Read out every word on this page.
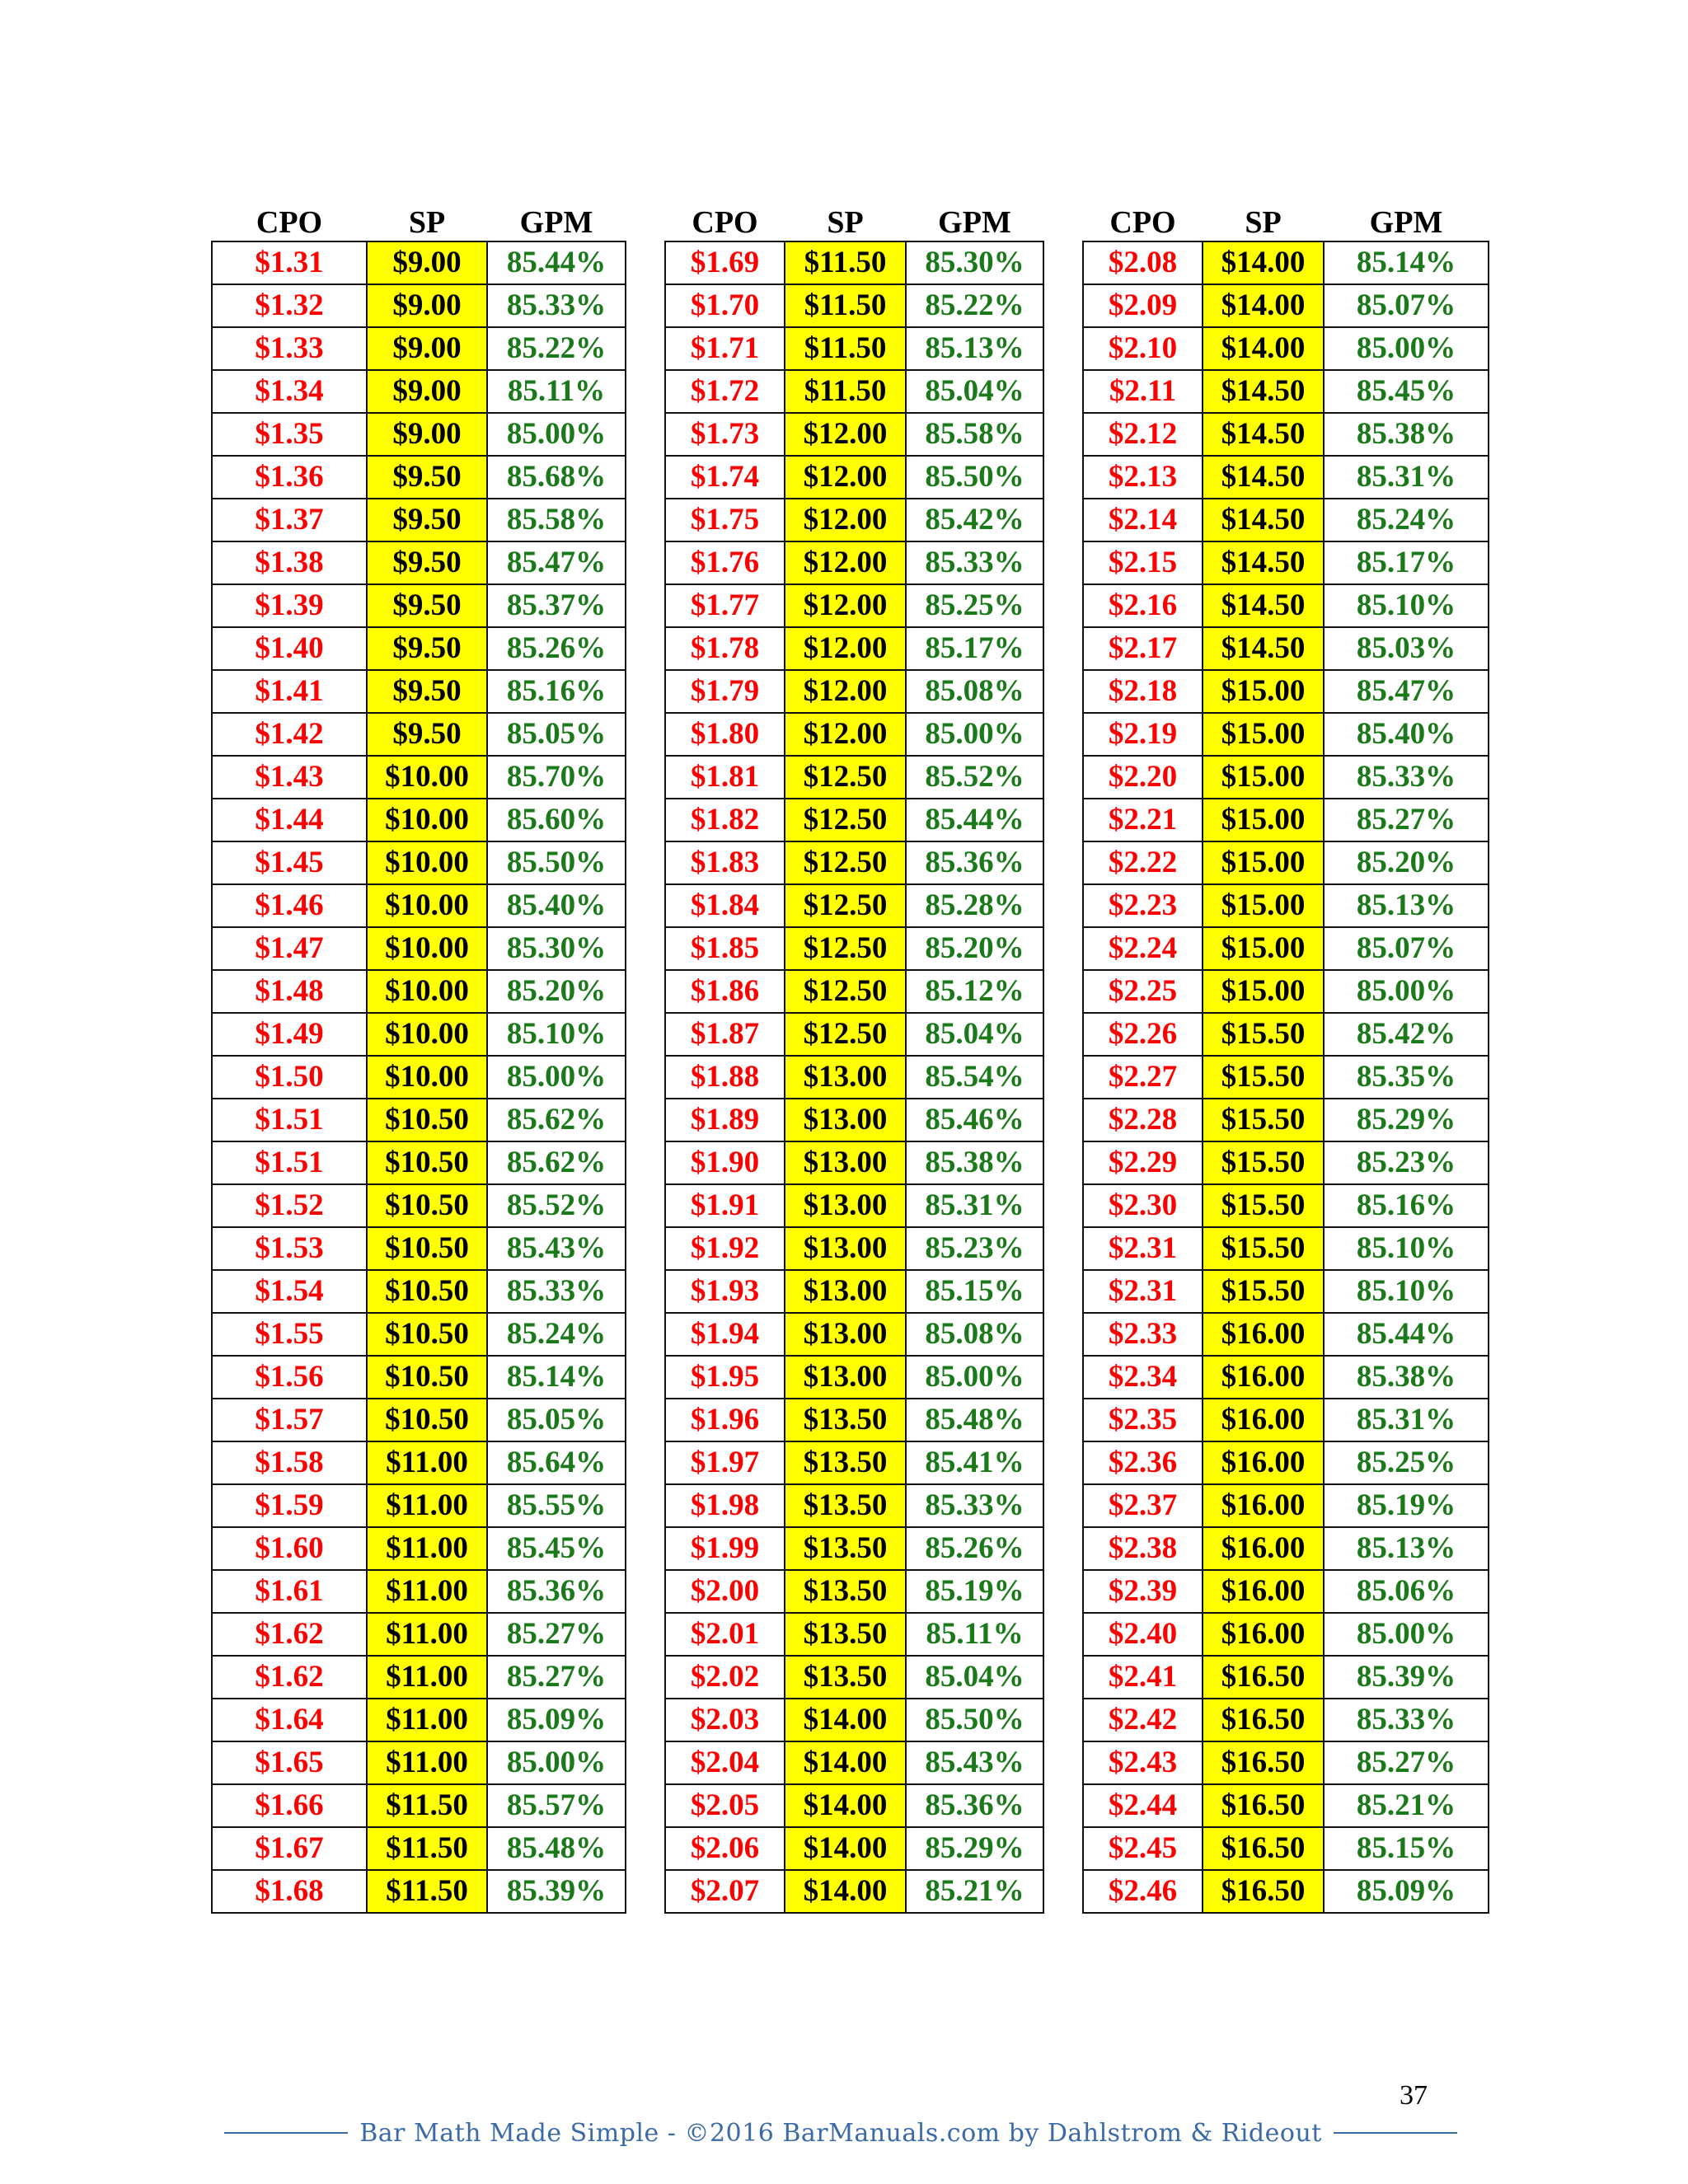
CPO	SP	GPM
$1.31	$9.00	85.44%
$1.32	$9.00	85.33%
$1.33	$9.00	85.22%
$1.34	$9.00	85.11%
$1.35	$9.00	85.00%
$1.36	$9.50	85.68%
$1.37	$9.50	85.58%
$1.38	$9.50	85.47%
$1.39	$9.50	85.37%
$1.40	$9.50	85.26%
$1.41	$9.50	85.16%
$1.42	$9.50	85.05%
$1.43	$10.00	85.70%
$1.44	$10.00	85.60%
$1.45	$10.00	85.50%
$1.46	$10.00	85.40%
$1.47	$10.00	85.30%
$1.48	$10.00	85.20%
$1.49	$10.00	85.10%
$1.50	$10.00	85.00%
$1.51	$10.50	85.62%
$1.51	$10.50	85.62%
$1.52	$10.50	85.52%
$1.53	$10.50	85.43%
$1.54	$10.50	85.33%
$1.55	$10.50	85.24%
$1.56	$10.50	85.14%
$1.57	$10.50	85.05%
$1.58	$11.00	85.64%
$1.59	$11.00	85.55%
$1.60	$11.00	85.45%
$1.61	$11.00	85.36%
$1.62	$11.00	85.27%
$1.62	$11.00	85.27%
$1.64	$11.00	85.09%
$1.65	$11.00	85.00%
$1.66	$11.50	85.57%
$1.67	$11.50	85.48%
$1.68	$11.50	85.39%
CPO	SP	GPM
$1.69	$11.50	85.30%
$1.70	$11.50	85.22%
$1.71	$11.50	85.13%
$1.72	$11.50	85.04%
$1.73	$12.00	85.58%
$1.74	$12.00	85.50%
$1.75	$12.00	85.42%
$1.76	$12.00	85.33%
$1.77	$12.00	85.25%
$1.78	$12.00	85.17%
$1.79	$12.00	85.08%
$1.80	$12.00	85.00%
$1.81	$12.50	85.52%
$1.82	$12.50	85.44%
$1.83	$12.50	85.36%
$1.84	$12.50	85.28%
$1.85	$12.50	85.20%
$1.86	$12.50	85.12%
$1.87	$12.50	85.04%
$1.88	$13.00	85.54%
$1.89	$13.00	85.46%
$1.90	$13.00	85.38%
$1.91	$13.00	85.31%
$1.92	$13.00	85.23%
$1.93	$13.00	85.15%
$1.94	$13.00	85.08%
$1.95	$13.00	85.00%
$1.96	$13.50	85.48%
$1.97	$13.50	85.41%
$1.98	$13.50	85.33%
$1.99	$13.50	85.26%
$2.00	$13.50	85.19%
$2.01	$13.50	85.11%
$2.02	$13.50	85.04%
$2.03	$14.00	85.50%
$2.04	$14.00	85.43%
$2.05	$14.00	85.36%
$2.06	$14.00	85.29%
$2.07	$14.00	85.21%
CPO	SP	GPM
$2.08	$14.00	85.14%
$2.09	$14.00	85.07%
$2.10	$14.00	85.00%
$2.11	$14.50	85.45%
$2.12	$14.50	85.38%
$2.13	$14.50	85.31%
$2.14	$14.50	85.24%
$2.15	$14.50	85.17%
$2.16	$14.50	85.10%
$2.17	$14.50	85.03%
$2.18	$15.00	85.47%
$2.19	$15.00	85.40%
$2.20	$15.00	85.33%
$2.21	$15.00	85.27%
$2.22	$15.00	85.20%
$2.23	$15.00	85.13%
$2.24	$15.00	85.07%
$2.25	$15.00	85.00%
$2.26	$15.50	85.42%
$2.27	$15.50	85.35%
$2.28	$15.50	85.29%
$2.29	$15.50	85.23%
$2.30	$15.50	85.16%
$2.31	$15.50	85.10%
$2.31	$15.50	85.10%
$2.33	$16.00	85.44%
$2.34	$16.00	85.38%
$2.35	$16.00	85.31%
$2.36	$16.00	85.25%
$2.37	$16.00	85.19%
$2.38	$16.00	85.13%
$2.39	$16.00	85.06%
$2.40	$16.00	85.00%
$2.41	$16.50	85.39%
$2.42	$16.50	85.33%
$2.43	$16.50	85.27%
$2.44	$16.50	85.21%
$2.45	$16.50	85.15%
$2.46	$16.50	85.09%
37
Bar Math Made Simple - ©2016 BarManuals.com by Dahlstrom & Rideout
